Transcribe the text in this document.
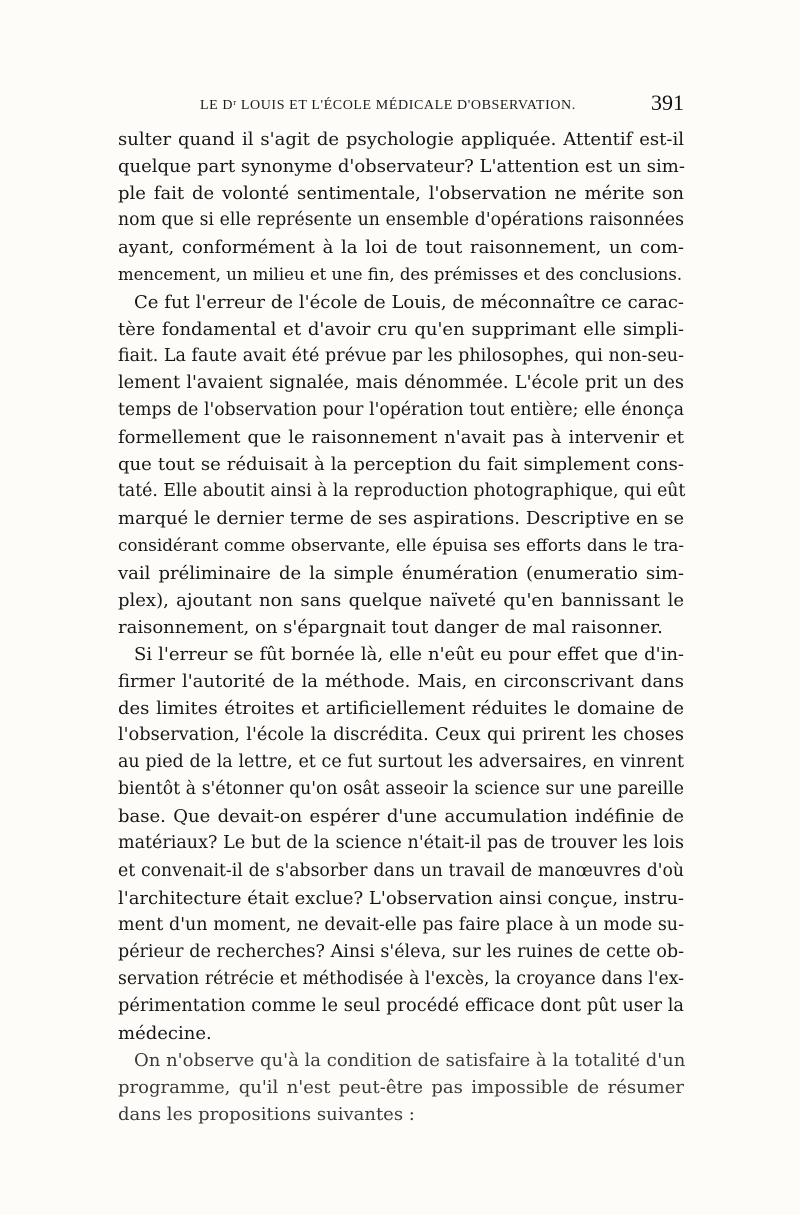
LE Dʳ LOUIS ET L'ÉCOLE MÉDICALE D'OBSERVATION.	391
sulter quand il s'agit de psychologie appliquée. Attentif est-il
quelque part synonyme d'observateur? L'attention est un sim-
ple fait de volonté sentimentale, l'observation ne mérite son
nom que si elle représente un ensemble d'opérations raisonnées
ayant, conformément à la loi de tout raisonnement, un com-
mencement, un milieu et une fin, des prémisses et des conclusions.
Ce fut l'erreur de l'école de Louis, de méconnaître ce carac-
tère fondamental et d'avoir cru qu'en supprimant elle simpli-
fiait. La faute avait été prévue par les philosophes, qui non-seu-
lement l'avaient signalée, mais dénommée. L'école prit un des
temps de l'observation pour l'opération tout entière; elle énonça
formellement que le raisonnement n'avait pas à intervenir et
que tout se réduisait à la perception du fait simplement cons-
taté. Elle aboutit ainsi à la reproduction photographique, qui eût
marqué le dernier terme de ses aspirations. Descriptive en se
considérant comme observante, elle épuisa ses efforts dans le tra-
vail préliminaire de la simple énumération (enumeratio sim-
plex), ajoutant non sans quelque naïveté qu'en bannissant le
raisonnement, on s'épargnait tout danger de mal raisonner.
Si l'erreur se fût bornée là, elle n'eût eu pour effet que d'in-
firmer l'autorité de la méthode. Mais, en circonscrivant dans
des limites étroites et artificiellement réduites le domaine de
l'observation, l'école la discrédita. Ceux qui prirent les choses
au pied de la lettre, et ce fut surtout les adversaires, en vinrent
bientôt à s'étonner qu'on osât asseoir la science sur une pareille
base. Que devait-on espérer d'une accumulation indéfinie de
matériaux? Le but de la science n'était-il pas de trouver les lois
et convenait-il de s'absorber dans un travail de manœuvres d'où
l'architecture était exclue? L'observation ainsi conçue, instru-
ment d'un moment, ne devait-elle pas faire place à un mode su-
périeur de recherches? Ainsi s'éleva, sur les ruines de cette ob-
servation rétrécie et méthodisée à l'excès, la croyance dans l'ex-
périmentation comme le seul procédé efficace dont pût user la
médecine.
On n'observe qu'à la condition de satisfaire à la totalité d'un
programme, qu'il n'est peut-être pas impossible de résumer
dans les propositions suivantes :
